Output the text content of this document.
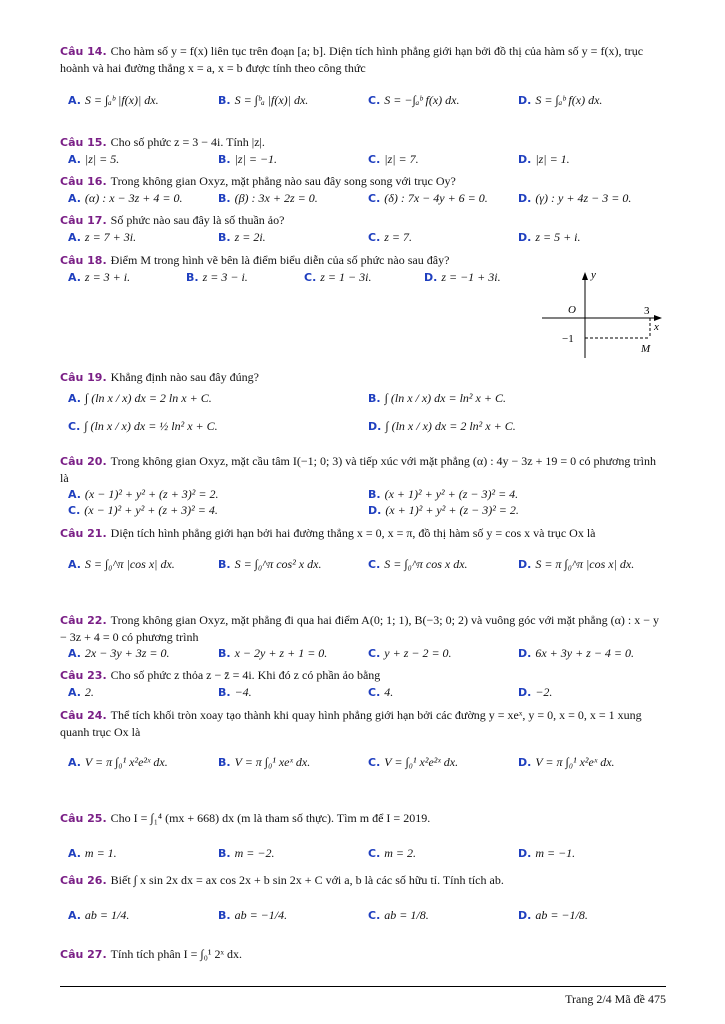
Câu 14. Cho hàm số y = f(x) liên tục trên đoạn [a; b]. Diện tích hình phẳng giới hạn bởi đồ thị của hàm số y = f(x), trục hoành và hai đường thẳng x = a, x = b được tính theo công thức
A. S = ∫ₐᵇ |f(x)| dx.	B. S = ∫ᵇₐ |f(x)| dx.	C. S = −∫ₐᵇ f(x) dx.	D. S = ∫ₐᵇ f(x) dx.
Câu 15. Cho số phức z = 3 − 4i. Tính |z|.
A. |z| = 5.	B. |z| = −1.	C. |z| = 7.	D. |z| = 1.
Câu 16. Trong không gian Oxyz, mặt phẳng nào sau đây song song với trục Oy?
A. (α) : x − 3z + 4 = 0.	B. (β) : 3x + 2z = 0.	C. (δ) : 7x − 4y + 6 = 0.	D. (γ) : y + 4z − 3 = 0.
Câu 17. Số phức nào sau đây là số thuần ảo?
A. z = 7 + 3i.	B. z = 2i.	C. z = 7.	D. z = 5 + i.
Câu 18. Điểm M trong hình vẽ bên là điểm biểu diễn của số phức nào sau đây?
A. z = 3 + i.	B. z = 3 − i.	C. z = 1 − 3i.	D. z = −1 + 3i.	y
x
O	3
−1
M
Câu 19. Khẳng định nào sau đây đúng?
A. ∫ (ln x / x) dx = 2 ln x + C.	B. ∫ (ln x / x) dx = ln² x + C.
C. ∫ (ln x / x) dx = ½ ln² x + C.	D. ∫ (ln x / x) dx = 2 ln² x + C.
Câu 20. Trong không gian Oxyz, mặt cầu tâm I(−1; 0; 3) và tiếp xúc với mặt phẳng (α) : 4y − 3z + 19 = 0 có phương trình là
A. (x − 1)² + y² + (z + 3)² = 2.	B. (x + 1)² + y² + (z − 3)² = 4.
C. (x − 1)² + y² + (z + 3)² = 4.	D. (x + 1)² + y² + (z − 3)² = 2.
Câu 21. Diện tích hình phẳng giới hạn bởi hai đường thẳng x = 0, x = π, đồ thị hàm số y = cos x và trục Ox là
A. S = ∫₀^π |cos x| dx.	B. S = ∫₀^π cos² x dx.	C. S = ∫₀^π cos x dx.	D. S = π ∫₀^π |cos x| dx.
Câu 22. Trong không gian Oxyz, mặt phẳng đi qua hai điểm A(0; 1; 1), B(−3; 0; 2) và vuông góc với mặt phẳng (α) : x − y − 3z + 4 = 0 có phương trình
A. 2x − 3y + 3z = 0.	B. x − 2y + z + 1 = 0.	C. y + z − 2 = 0.	D. 6x + 3y + z − 4 = 0.
Câu 23. Cho số phức z thỏa z − z̄ = 4i. Khi đó z có phần ảo bằng
A. 2.	B. −4.	C. 4.	D. −2.
Câu 24. Thể tích khối tròn xoay tạo thành khi quay hình phẳng giới hạn bởi các đường y = xeˣ, y = 0, x = 0, x = 1 xung quanh trục Ox là
A. V = π ∫₀¹ x²e²ˣ dx.	B. V = π ∫₀¹ xeˣ dx.	C. V = ∫₀¹ x²e²ˣ dx.	D. V = π ∫₀¹ x²eˣ dx.
Câu 25. Cho I = ∫₁⁴ (mx + 668) dx (m là tham số thực). Tìm m để I = 2019.
A. m = 1.	B. m = −2.	C. m = 2.	D. m = −1.
Câu 26. Biết ∫ x sin 2x dx = ax cos 2x + b sin 2x + C với a, b là các số hữu tỉ. Tính tích ab.
A. ab = 1/4.	B. ab = −1/4.	C. ab = 1/8.	D. ab = −1/8.
Câu 27. Tính tích phân I = ∫₀¹ 2ˣ dx.
Trang 2/4 Mã đề 475
